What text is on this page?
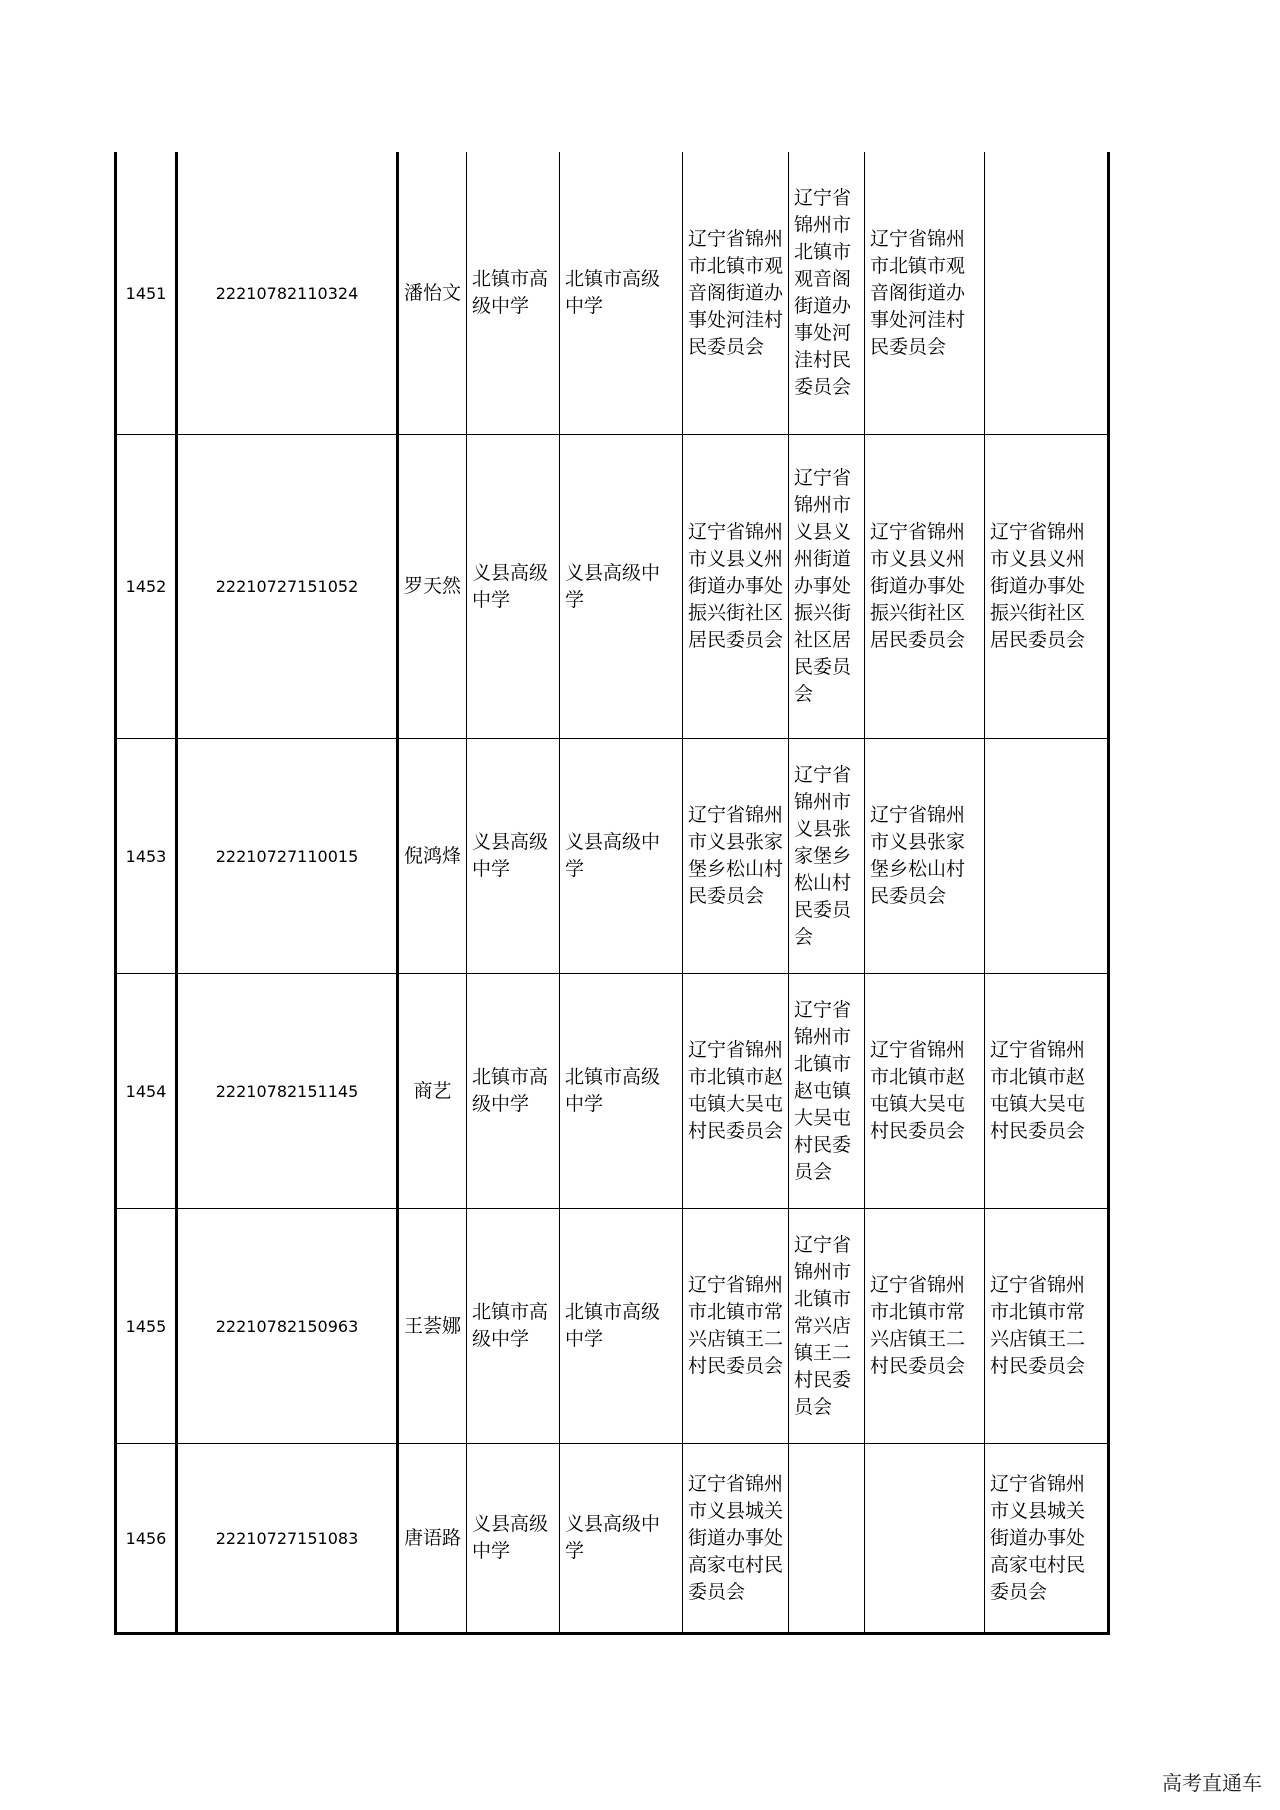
1451	22210782110324	潘怡文	北镇市高级中学	北镇市高级中学	辽宁省锦州市北镇市观音阁街道办事处河洼村民委员会	辽宁省锦州市北镇市观音阁街道办事处河洼村民委员会	辽宁省锦州市北镇市观音阁街道办事处河洼村民委员会	
1452	22210727151052	罗天然	义县高级中学	义县高级中学	辽宁省锦州市义县义州街道办事处振兴街社区居民委员会	辽宁省锦州市义县义州街道办事处振兴街社区居民委员会	辽宁省锦州市义县义州街道办事处振兴街社区居民委员会	辽宁省锦州市义县义州街道办事处振兴街社区居民委员会
1453	22210727110015	倪鸿烽	义县高级中学	义县高级中学	辽宁省锦州市义县张家堡乡松山村民委员会	辽宁省锦州市义县张家堡乡松山村民委员会	辽宁省锦州市义县张家堡乡松山村民委员会	
1454	22210782151145	商艺	北镇市高级中学	北镇市高级中学	辽宁省锦州市北镇市赵屯镇大吴屯村民委员会	辽宁省锦州市北镇市赵屯镇大吴屯村民委员会	辽宁省锦州市北镇市赵屯镇大吴屯村民委员会	辽宁省锦州市北镇市赵屯镇大吴屯村民委员会
1455	22210782150963	王荟娜	北镇市高级中学	北镇市高级中学	辽宁省锦州市北镇市常兴店镇王二村民委员会	辽宁省锦州市北镇市常兴店镇王二村民委员会	辽宁省锦州市北镇市常兴店镇王二村民委员会	辽宁省锦州市北镇市常兴店镇王二村民委员会
1456	22210727151083	唐语路	义县高级中学	义县高级中学	辽宁省锦州市义县城关街道办事处高家屯村民委员会			辽宁省锦州市义县城关街道办事处高家屯村民委员会
高考直通车
